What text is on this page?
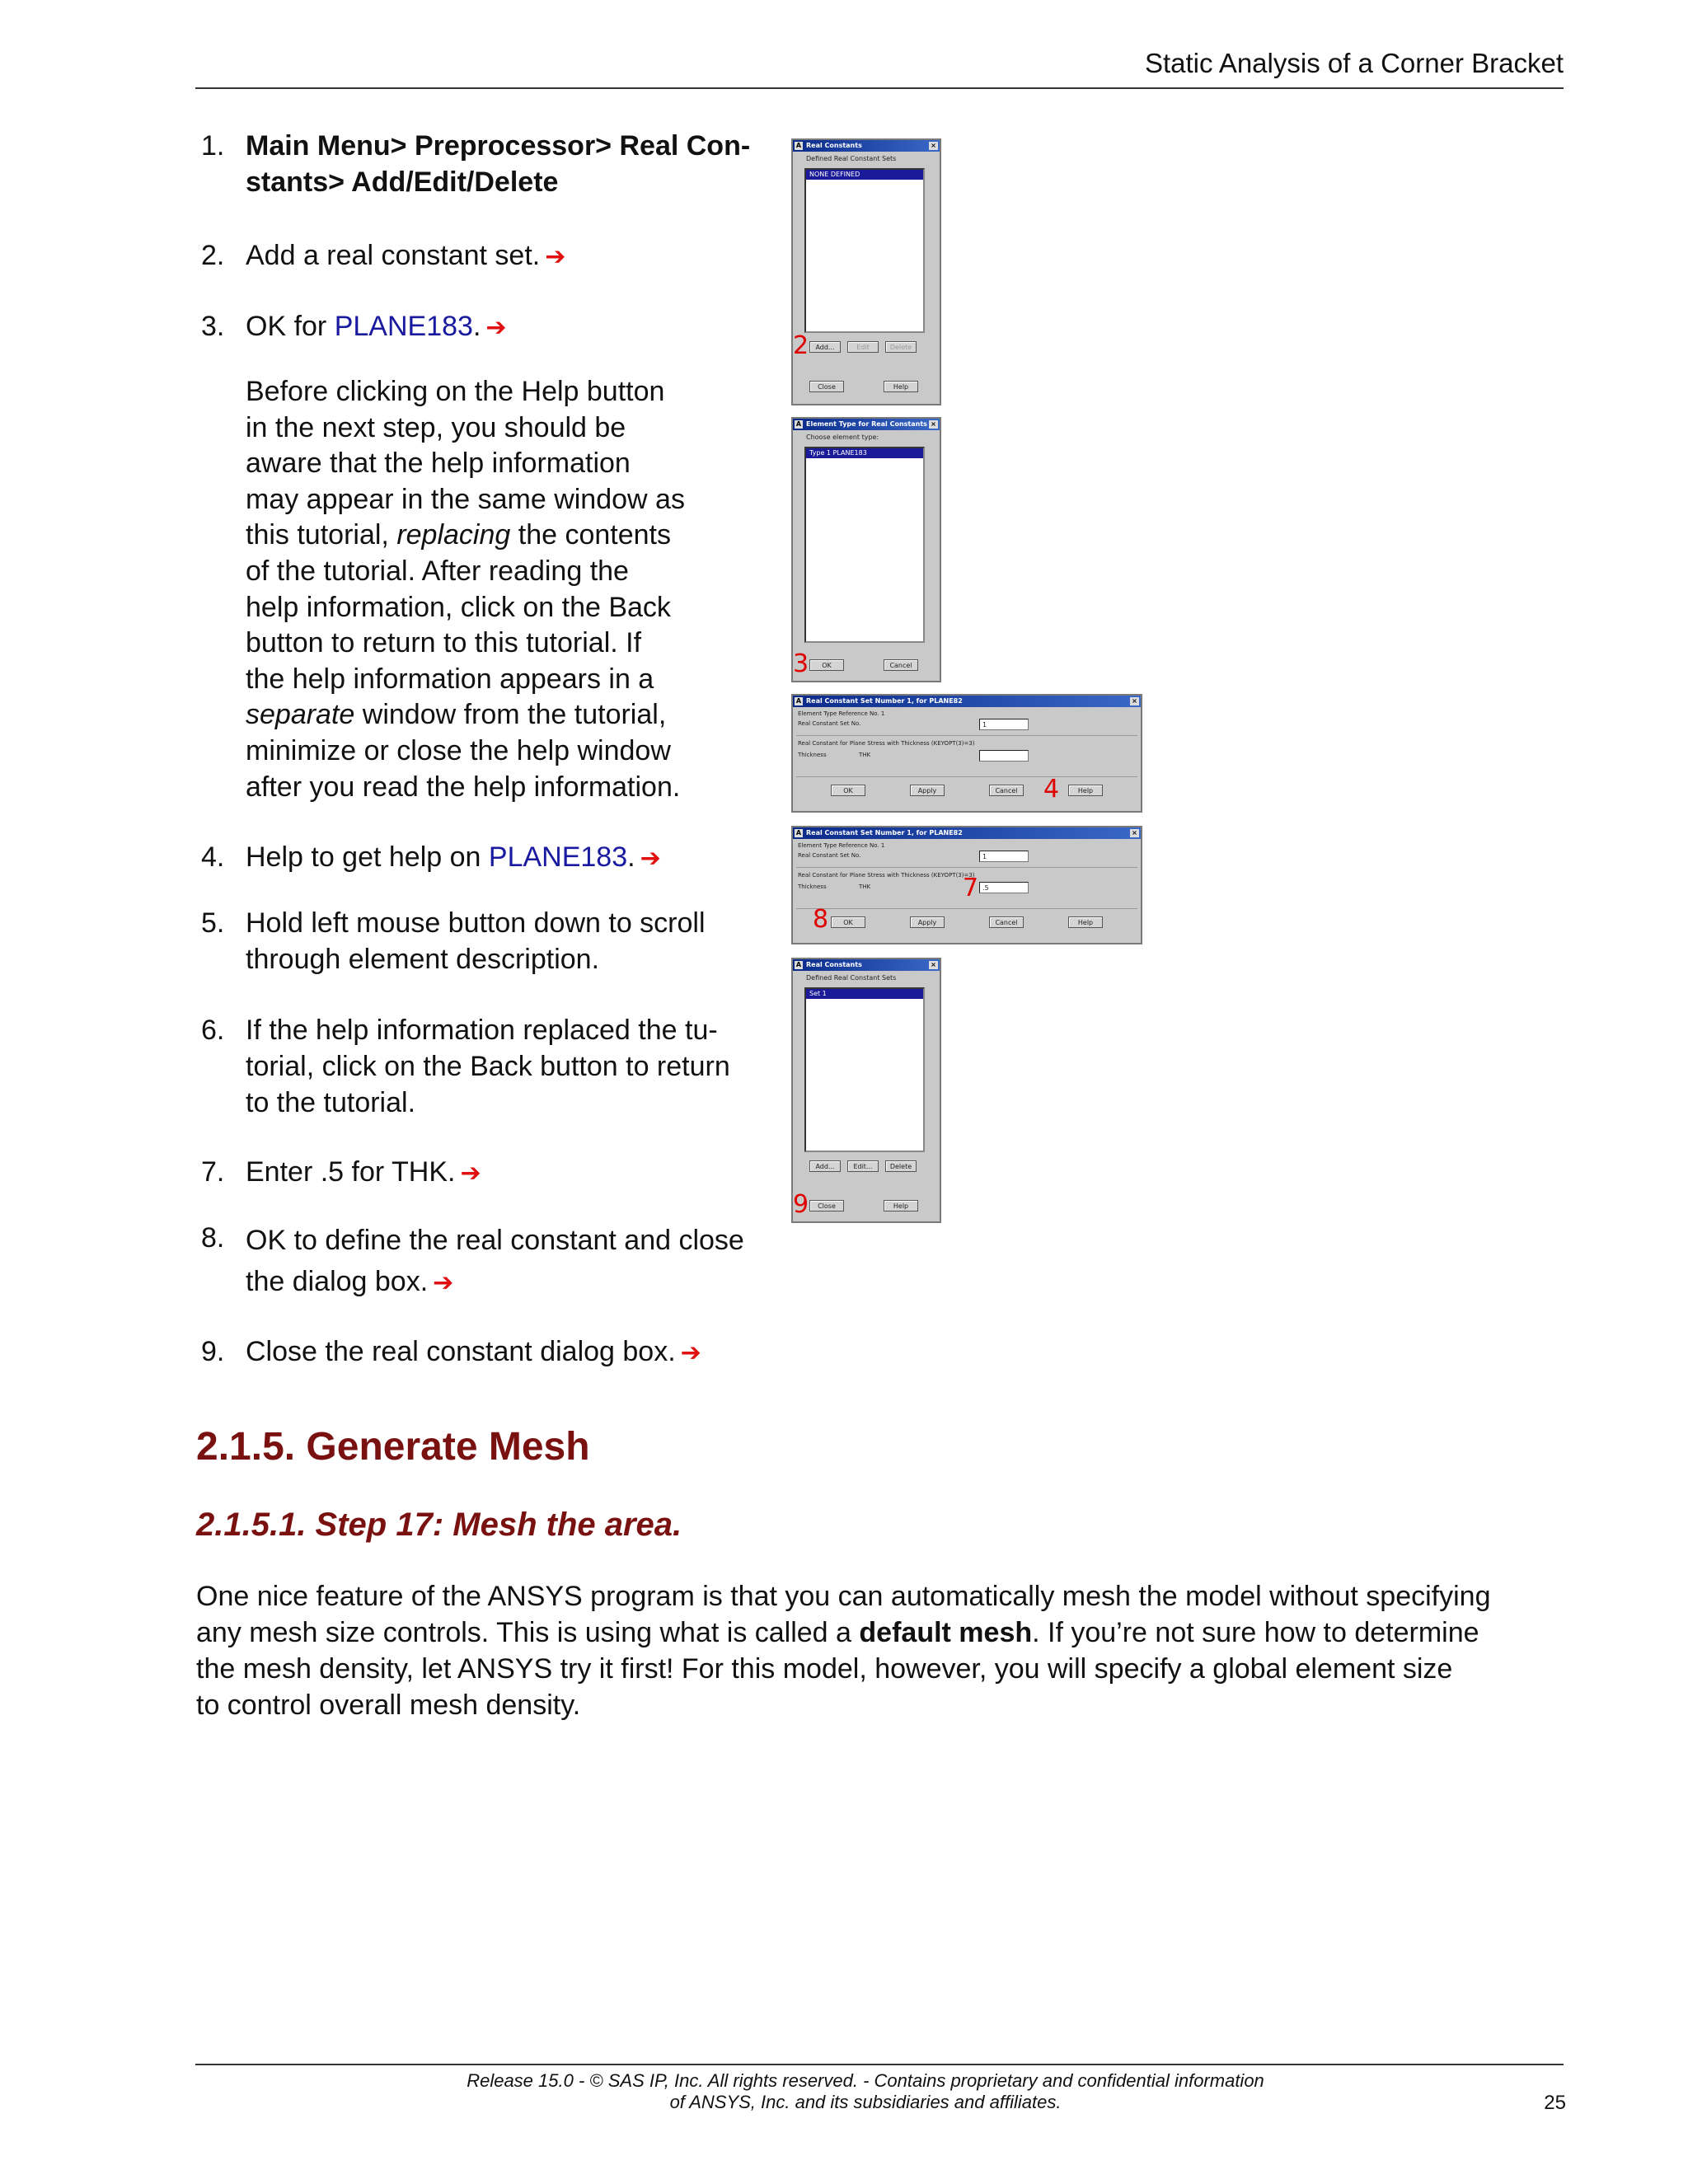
Static Analysis of a Corner Bracket
1. Main Menu> Preprocessor> Real Con-
stants> Add/Edit/Delete
2. Add a real constant set. ➔
3. OK for PLANE183. ➔
4. Help to get help on PLANE183. ➔
5. Hold left mouse button down to scroll
through element description.
6. If the help information replaced the tu-
torial, click on the Back button to return
to the tutorial.
7. Enter .5 for THK. ➔
8. OK to define the real constant and close
the dialog box. ➔
9. Close the real constant dialog box. ➔
Before clicking on the Help button
in the next step, you should be
aware that the help information
may appear in the same window as
this tutorial, replacing the contents
of the tutorial. After reading the
help information, click on the Back
button to return to this tutorial. If
the help information appears in a
separate window from the tutorial,
minimize or close the help window
after you read the help information.
A Real Constants	×
Defined Real Constant Sets
NONE DEFINED
Add...	Edit	Delete
Close	Help
2
A Element Type for Real Constants ×
Choose element type:
Type 1 PLANE183
OK	Cancel
3
A Real Constant Set Number 1, for PLANE82	×
Element Type Reference No. 1
Real Constant Set No.	1
Real Constant for Plane Stress with Thickness (KEYOPT(3)=3)
Thickness	THK
OK	Apply	Cancel	Help
4
A Real Constant Set Number 1, for PLANE82	×
Element Type Reference No. 1
Real Constant Set No.	1
Real Constant for Plane Stress with Thickness (KEYOPT(3)=3)
Thickness	THK	.5
OK	Apply	Cancel	Help
7
8
A Real Constants	×
Defined Real Constant Sets
Set 1
Add...	Edit...	Delete
Close	Help
9
2.1.5. Generate Mesh
2.1.5.1. Step 17: Mesh the area.
One nice feature of the ANSYS program is that you can automatically mesh the model without specifying
any mesh size controls. This is using what is called a default mesh. If you’re not sure how to determine
the mesh density, let ANSYS try it first! For this model, however, you will specify a global element size
to control overall mesh density.
Release 15.0 - © SAS IP, Inc. All rights reserved. - Contains proprietary and confidential information
of ANSYS, Inc. and its subsidiaries and affiliates.	25
